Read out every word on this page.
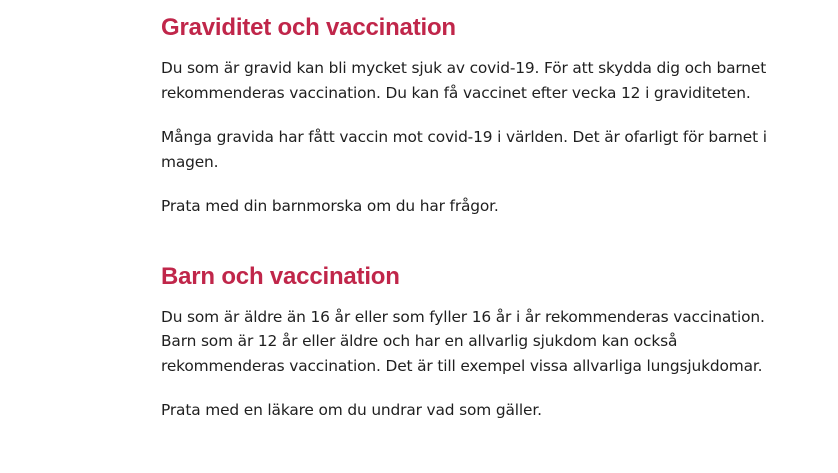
Graviditet och vaccination

Du som är gravid kan bli mycket sjuk av covid-19. För att skydda dig och barnet rekommenderas vaccination. Du kan få vaccinet efter vecka 12 i graviditeten.

Många gravida har fått vaccin mot covid-19 i världen. Det är ofarligt för barnet i magen.

Prata med din barnmorska om du har frågor.

Barn och vaccination

Du som är äldre än 16 år eller som fyller 16 år i år rekommenderas vaccination. Barn som är 12 år eller äldre och har en allvarlig sjukdom kan också rekommenderas vaccination. Det är till exempel vissa allvarliga lungsjukdomar.

Prata med en läkare om du undrar vad som gäller.
